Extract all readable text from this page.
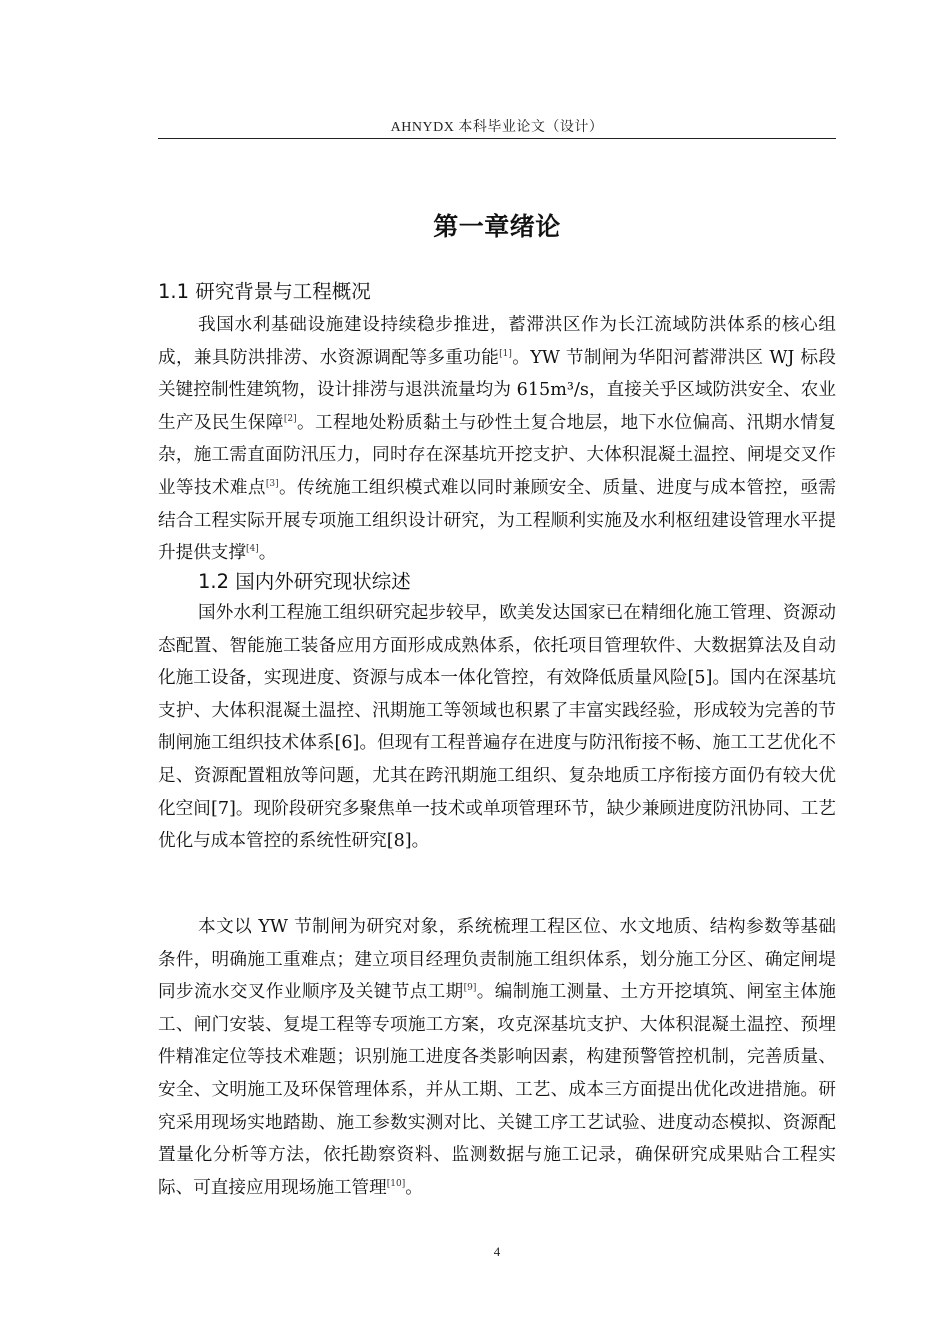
AHNYDX 本科毕业论文（设计）
第一章绪论
1.1 研究背景与工程概况

我国水利基础设施建设持续稳步推进，蓄滞洪区作为长江流域防洪体系的核心组成，兼具防洪排涝、水资源调配等多重功能[1]。YW 节制闸为华阳河蓄滞洪区 WJ 标段关键控制性建筑物，设计排涝与退洪流量均为 615m³/s，直接关乎区域防洪安全、农业生产及民生保障[2]。工程地处粉质黏土与砂性土复合地层，地下水位偏高、汛期水情复杂，施工需直面防汛压力，同时存在深基坑开挖支护、大体积混凝土温控、闸堤交叉作业等技术难点[3]。传统施工组织模式难以同时兼顾安全、质量、进度与成本管控，亟需结合工程实际开展专项施工组织设计研究，为工程顺利实施及水利枢纽建设管理水平提升提供支撑[4]。

1.2 国内外研究现状综述

国外水利工程施工组织研究起步较早，欧美发达国家已在精细化施工管理、资源动态配置、智能施工装备应用方面形成成熟体系，依托项目管理软件、大数据算法及自动化施工设备，实现进度、资源与成本一体化管控，有效降低质量风险[5]。国内在深基坑支护、大体积混凝土温控、汛期施工等领域也积累了丰富实践经验，形成较为完善的节制闸施工组织技术体系[6]。但现有工程普遍存在进度与防汛衔接不畅、施工工艺优化不足、资源配置粗放等问题，尤其在跨汛期施工组织、复杂地质工序衔接方面仍有较大优化空间[7]。现阶段研究多聚焦单一技术或单项管理环节，缺少兼顾进度防汛协同、工艺优化与成本管控的系统性研究[8]。

本文以 YW 节制闸为研究对象，系统梳理工程区位、水文地质、结构参数等基础条件，明确施工重难点；建立项目经理负责制施工组织体系，划分施工分区、确定闸堤同步流水交叉作业顺序及关键节点工期[9]。编制施工测量、土方开挖填筑、闸室主体施工、闸门安装、复堤工程等专项施工方案，攻克深基坑支护、大体积混凝土温控、预埋件精准定位等技术难题；识别施工进度各类影响因素，构建预警管控机制，完善质量、安全、文明施工及环保管理体系，并从工期、工艺、成本三方面提出优化改进措施。研究采用现场实地踏勘、施工参数实测对比、关键工序工艺试验、进度动态模拟、资源配置量化分析等方法，依托勘察资料、监测数据与施工记录，确保研究成果贴合工程实际、可直接应用现场施工管理[10]。

4
